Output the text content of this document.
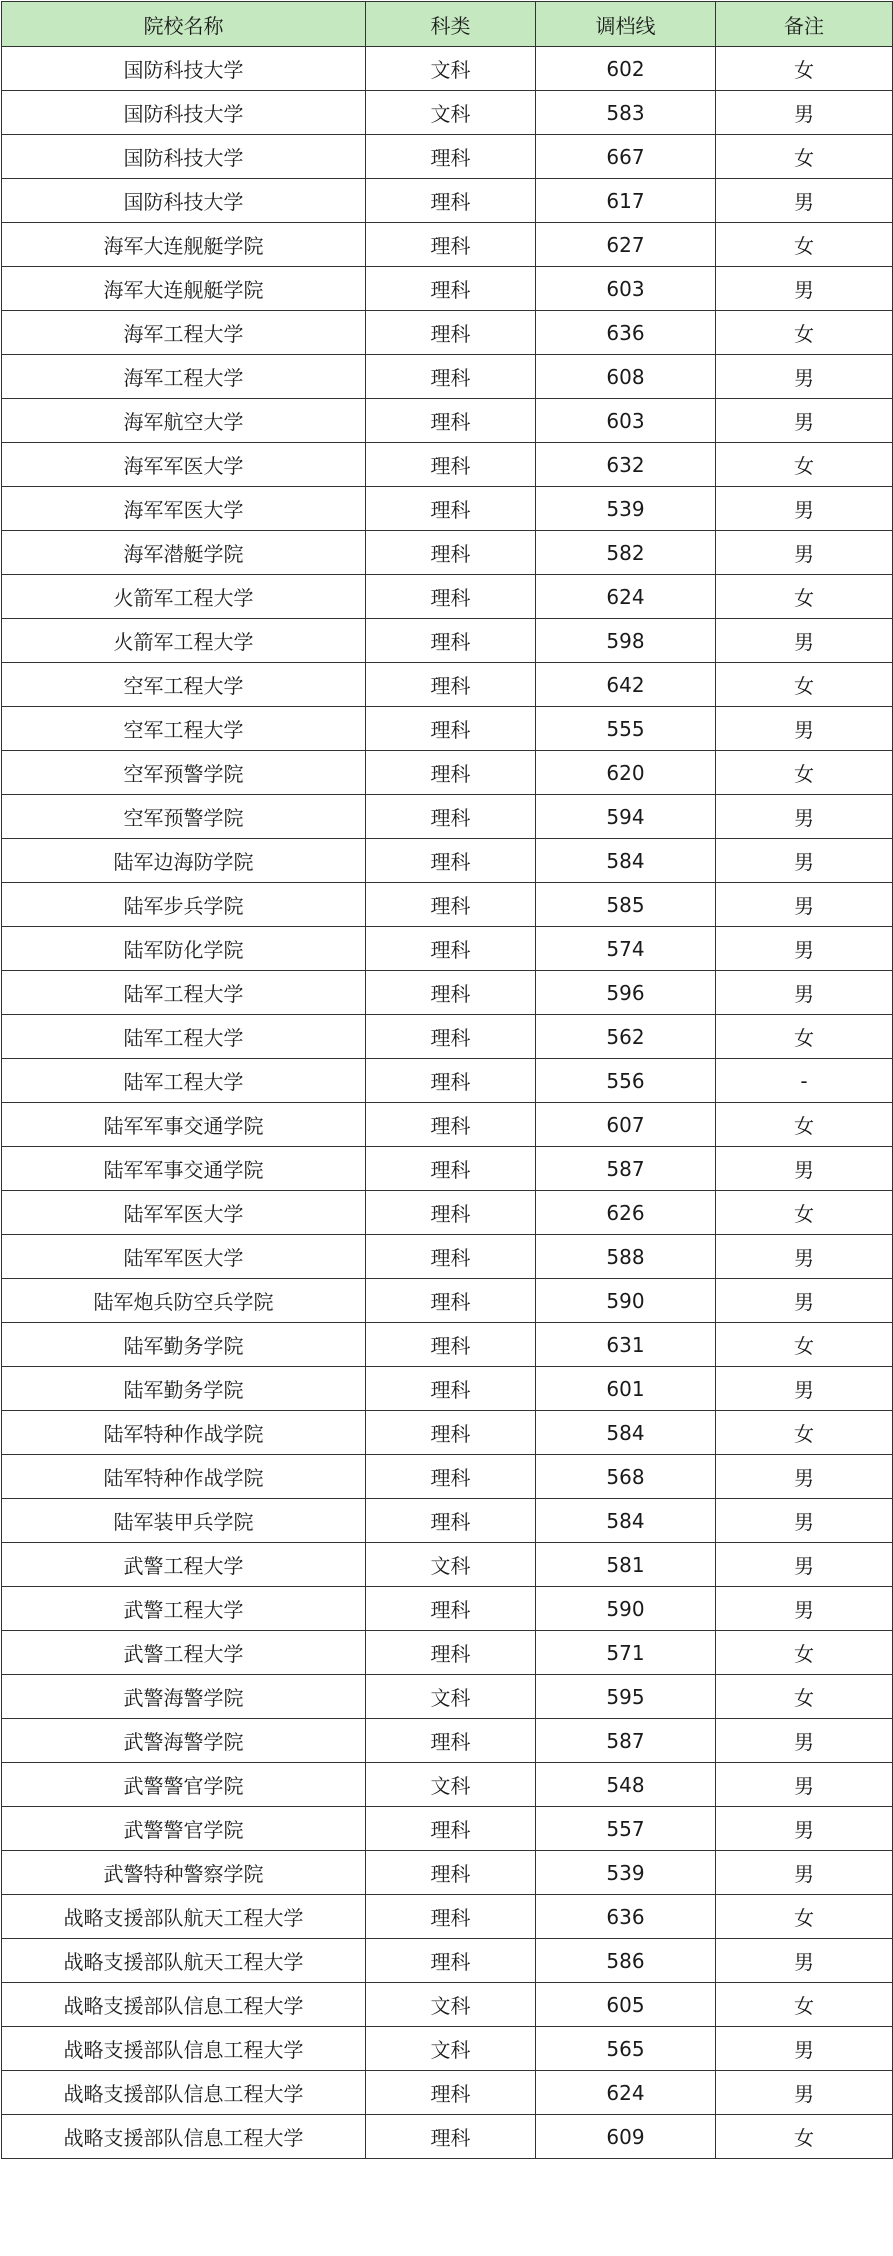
院校名称	科类	调档线	备注
国防科技大学	文科	602	女
国防科技大学	文科	583	男
国防科技大学	理科	667	女
国防科技大学	理科	617	男
海军大连舰艇学院	理科	627	女
海军大连舰艇学院	理科	603	男
海军工程大学	理科	636	女
海军工程大学	理科	608	男
海军航空大学	理科	603	男
海军军医大学	理科	632	女
海军军医大学	理科	539	男
海军潜艇学院	理科	582	男
火箭军工程大学	理科	624	女
火箭军工程大学	理科	598	男
空军工程大学	理科	642	女
空军工程大学	理科	555	男
空军预警学院	理科	620	女
空军预警学院	理科	594	男
陆军边海防学院	理科	584	男
陆军步兵学院	理科	585	男
陆军防化学院	理科	574	男
陆军工程大学	理科	596	男
陆军工程大学	理科	562	女
陆军工程大学	理科	556	-
陆军军事交通学院	理科	607	女
陆军军事交通学院	理科	587	男
陆军军医大学	理科	626	女
陆军军医大学	理科	588	男
陆军炮兵防空兵学院	理科	590	男
陆军勤务学院	理科	631	女
陆军勤务学院	理科	601	男
陆军特种作战学院	理科	584	女
陆军特种作战学院	理科	568	男
陆军装甲兵学院	理科	584	男
武警工程大学	文科	581	男
武警工程大学	理科	590	男
武警工程大学	理科	571	女
武警海警学院	文科	595	女
武警海警学院	理科	587	男
武警警官学院	文科	548	男
武警警官学院	理科	557	男
武警特种警察学院	理科	539	男
战略支援部队航天工程大学	理科	636	女
战略支援部队航天工程大学	理科	586	男
战略支援部队信息工程大学	文科	605	女
战略支援部队信息工程大学	文科	565	男
战略支援部队信息工程大学	理科	624	男
战略支援部队信息工程大学	理科	609	女
